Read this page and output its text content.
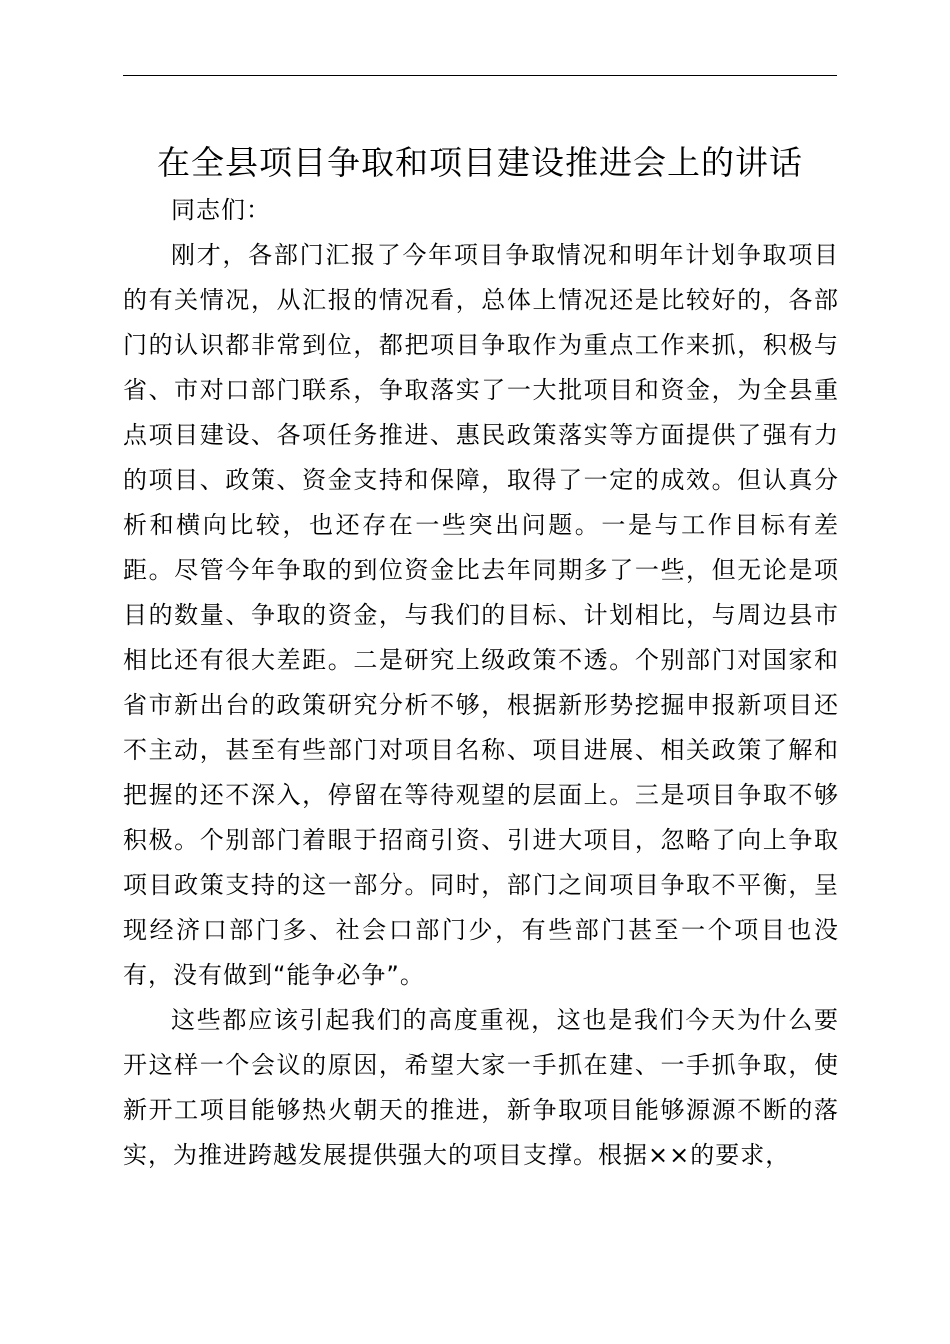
在全县项目争取和项目建设推进会上的讲话

同志们：

刚才，各部门汇报了今年项目争取情况和明年计划争取项目的有关情况，从汇报的情况看，总体上情况还是比较好的，各部门的认识都非常到位，都把项目争取作为重点工作来抓，积极与省、市对口部门联系，争取落实了一大批项目和资金，为全县重点项目建设、各项任务推进、惠民政策落实等方面提供了强有力的项目、政策、资金支持和保障，取得了一定的成效。但认真分析和横向比较，也还存在一些突出问题。一是与工作目标有差距。尽管今年争取的到位资金比去年同期多了一些，但无论是项目的数量、争取的资金，与我们的目标、计划相比，与周边县市相比还有很大差距。二是研究上级政策不透。个别部门对国家和省市新出台的政策研究分析不够，根据新形势挖掘申报新项目还不主动，甚至有些部门对项目名称、项目进展、相关政策了解和把握的还不深入，停留在等待观望的层面上。三是项目争取不够积极。个别部门着眼于招商引资、引进大项目，忽略了向上争取项目政策支持的这一部分。同时，部门之间项目争取不平衡，呈现经济口部门多、社会口部门少，有些部门甚至一个项目也没有，没有做到“能争必争”。

这些都应该引起我们的高度重视，这也是我们今天为什么要开这样一个会议的原因，希望大家一手抓在建、一手抓争取，使新开工项目能够热火朝天的推进，新争取项目能够源源不断的落实，为推进跨越发展提供强大的项目支撑。根据××的要求，
